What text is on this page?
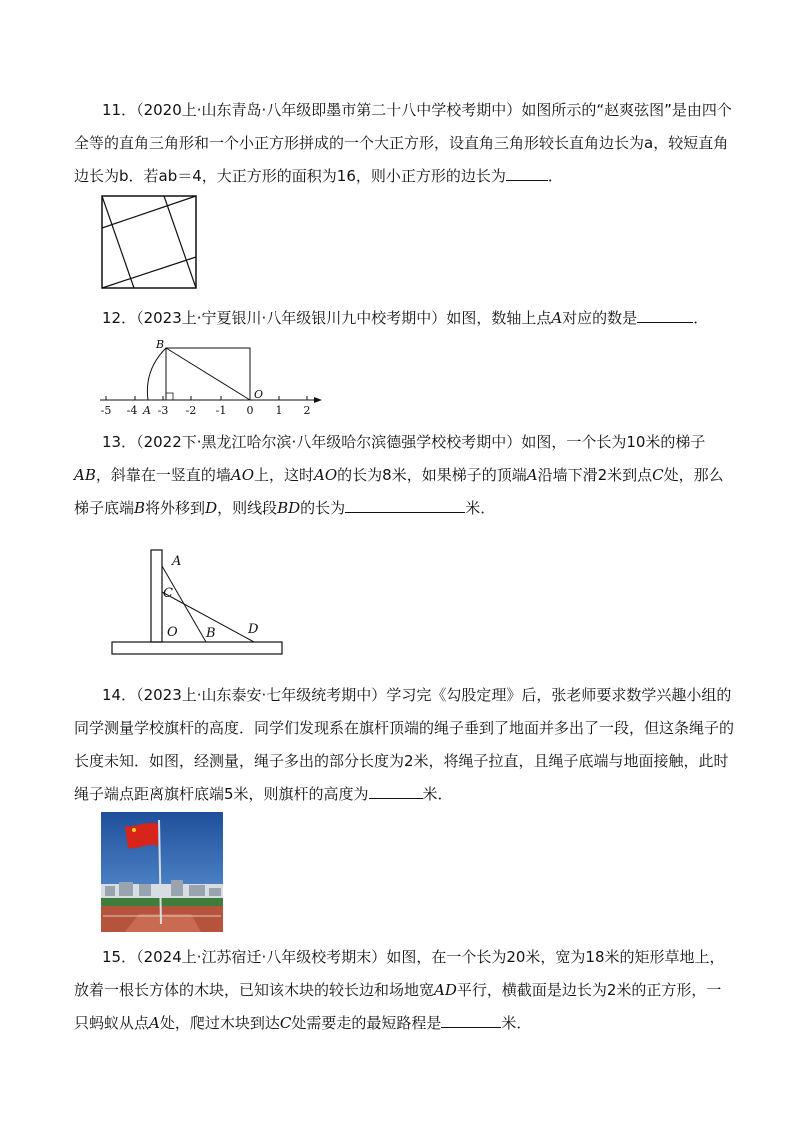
11．（2020上·山东青岛·八年级即墨市第二十八中学校考期中）如图所示的“赵爽弦图”是由四个全等的直角三角形和一个小正方形拼成的一个大正方形，设直角三角形较长直角边长为a，较短直角边长为b．若ab＝4，大正方形的面积为16，则小正方形的边长为	．

12．（2023上·宁夏银川·八年级银川九中校考期中）如图，数轴上点A对应的数是	．

-5 -4 -3 -2 -1 0 1 2
A
B
O

13．（2022下·黑龙江哈尔滨·八年级哈尔滨德强学校校考期中）如图，一个长为10米的梯子AB，斜靠在一竖直的墙AO上，这时AO的长为8米，如果梯子的顶端A沿墙下滑2米到点C处，那么梯子底端B将外移到D，则线段BD的长为	米．

A
C
O B D

14．（2023上·山东泰安·七年级统考期中）学习完《勾股定理》后，张老师要求数学兴趣小组的同学测量学校旗杆的高度．同学们发现系在旗杆顶端的绳子垂到了地面并多出了一段，但这条绳子的长度未知．如图，经测量，绳子多出的部分长度为2米，将绳子拉直，且绳子底端与地面接触，此时绳子端点距离旗杆底端5米，则旗杆的高度为	米．

15．（2024上·江苏宿迁·八年级校考期末）如图，在一个长为20米，宽为18米的矩形草地上，放着一根长方体的木块，已知该木块的较长边和场地宽AD平行，横截面是边长为2米的正方形，一只蚂蚁从点A处，爬过木块到达C处需要走的最短路程是	米．
